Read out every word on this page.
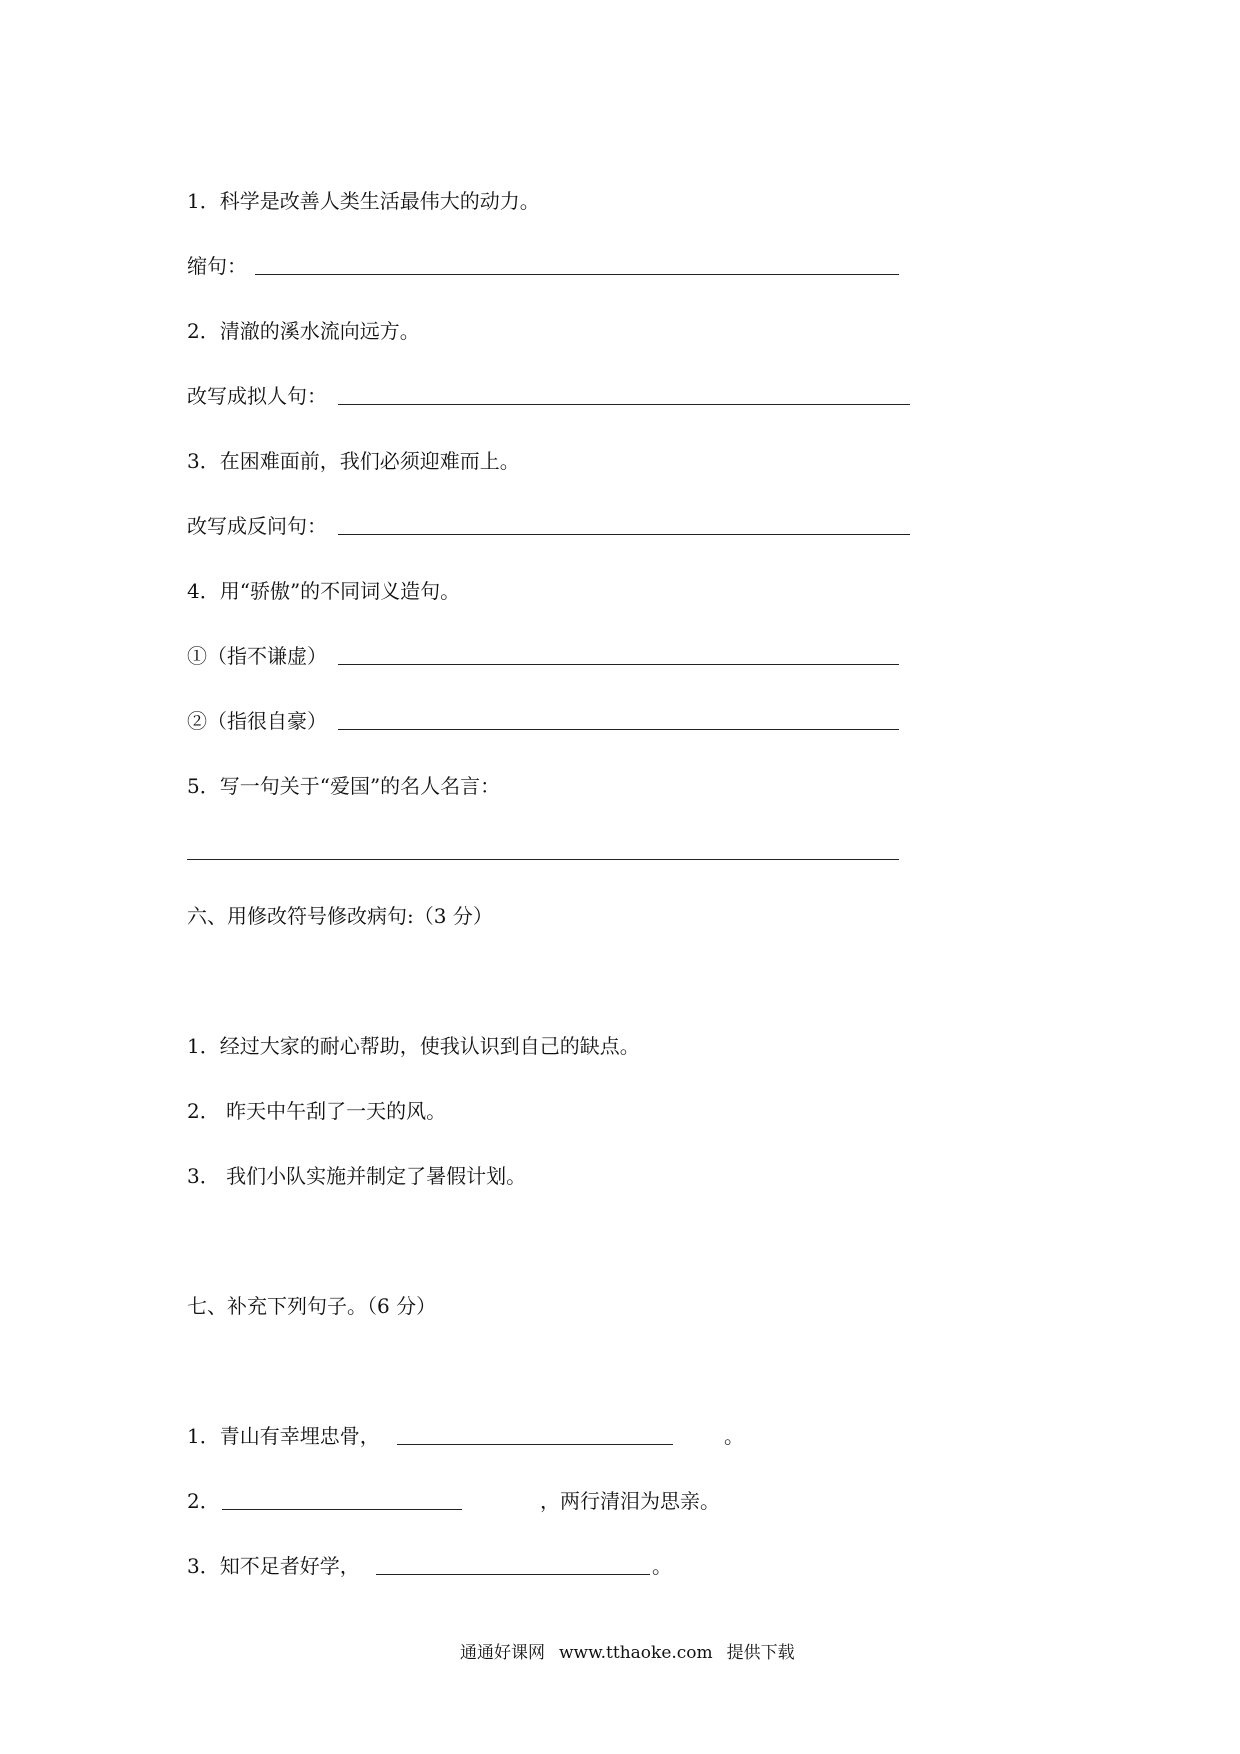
1．科学是改善人类生活最伟大的动力。
缩句：
2．清澈的溪水流向远方。
改写成拟人句：
3．在困难面前，我们必须迎难而上。
改写成反问句：
4．用“骄傲”的不同词义造句。
①（指不谦虚）
②（指很自豪）
5．写一句关于“爱国”的名人名言：
六、用修改符号修改病句:（3 分）
1．经过大家的耐心帮助，使我认识到自己的缺点。
2． 昨天中午刮了一天的风。
3． 我们小队实施并制定了暑假计划。
七、补充下列句子。（6 分）
1．青山有幸埋忠骨，	。
2．	，两行清泪为思亲。
3．知不足者好学，	。
通通好课网 www.tthaoke.com 提供下载
